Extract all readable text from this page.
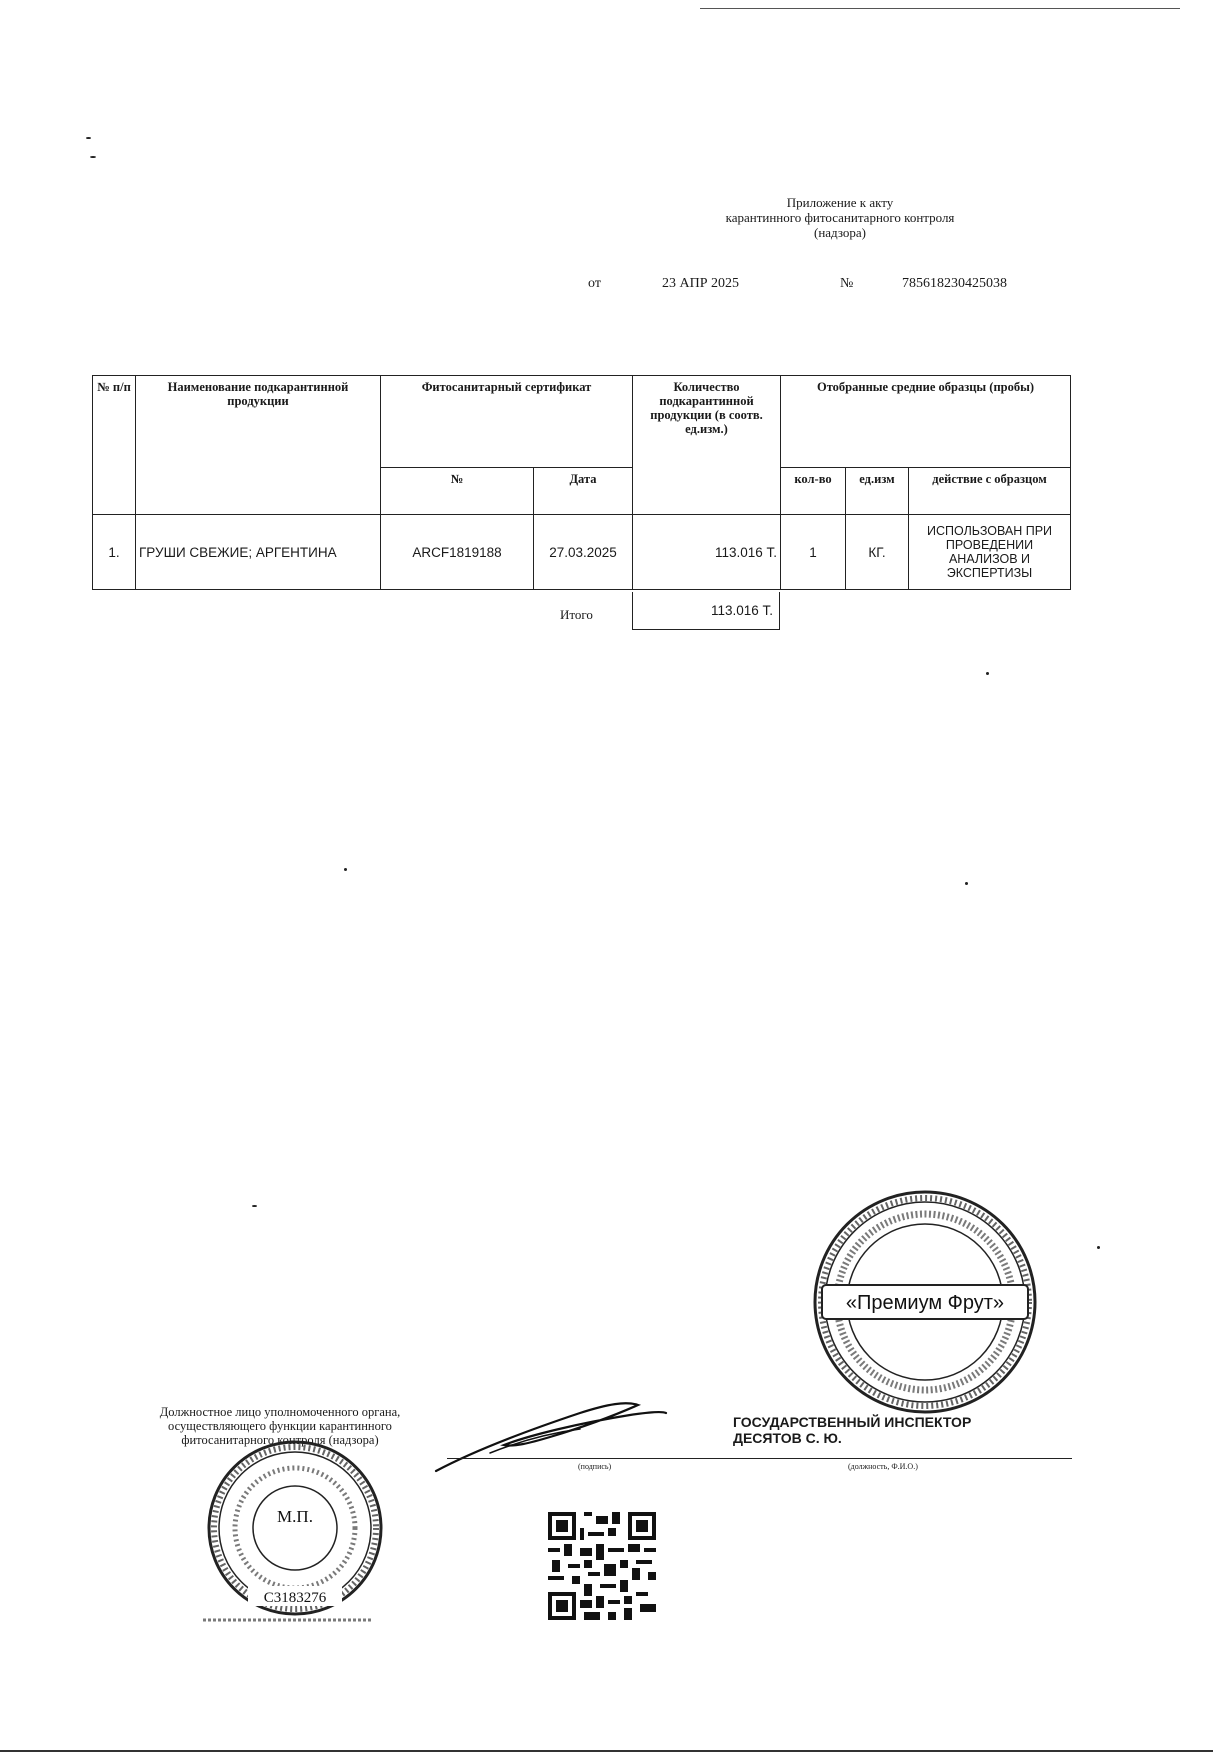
Приложение к акту
карантинного фитосанитарного контроля
(надзора)
от	23 АПР 2025	№	785618230425038
№ п/п	Наименование подкарантинной продукции	Фитосанитарный сертификат		Количество подкарантинной продукции (в соотв. ед.изм.)	Отобранные средние образцы (пробы)		
		№	Дата		кол-во	ед.изм	действие с образцом
1.	ГРУШИ СВЕЖИЕ; АРГЕНТИНА	ARCF1819188	27.03.2025	113.016 Т.	1	КГ.	ИСПОЛЬЗОВАН ПРИ ПРОВЕДЕНИИ АНАЛИЗОВ И ЭКСПЕРТИЗЫ
Итого	113.016 Т.
«Премиум Фрут»
Должностное лицо уполномоченного органа,
осуществляющего функции карантинного
фитосанитарного контроля (надзора)
ГОСУДАРСТВЕННЫЙ ИНСПЕКТОР
ДЕСЯТОВ С. Ю.
(подпись)	(должность, Ф.И.О.)
М.П.
С3183276
